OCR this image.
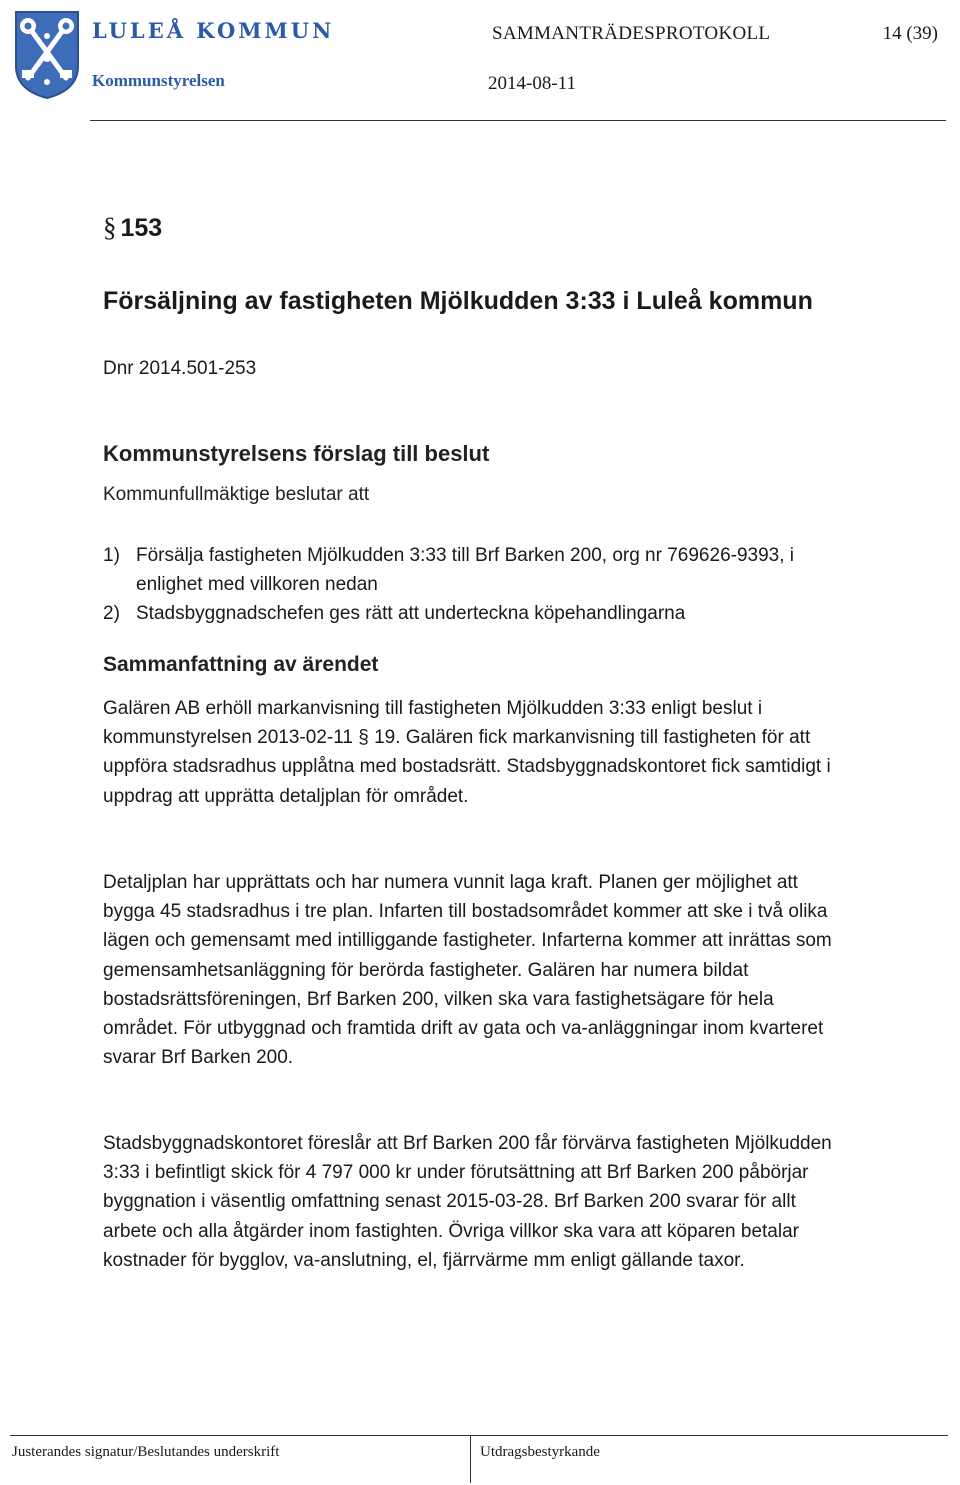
LULEÅ KOMMUN
Kommunstyrelsen
SAMMANTRÄDESPROTOKOLL	14 (39)
2014-08-11
§ 153
Försäljning av fastigheten Mjölkudden 3:33 i Luleå kommun
Dnr 2014.501-253
Kommunstyrelsens förslag till beslut
Kommunfullmäktige beslutar att
1) Försälja fastigheten Mjölkudden 3:33 till Brf Barken 200, org nr 769626-9393, i enlighet med villkoren nedan
2) Stadsbyggnadschefen ges rätt att underteckna köpehandlingarna
Sammanfattning av ärendet

Galären AB erhöll markanvisning till fastigheten Mjölkudden 3:33 enligt beslut i kommunstyrelsen 2013-02-11 § 19. Galären fick markanvisning till fastigheten för att uppföra stadsradhus upplåtna med bostadsrätt. Stadsbyggnadskontoret fick samtidigt i uppdrag att upprätta detaljplan för området.

Detaljplan har upprättats och har numera vunnit laga kraft. Planen ger möjlighet att bygga 45 stadsradhus i tre plan. Infarten till bostadsområdet kommer att ske i två olika lägen och gemensamt med intilliggande fastigheter. Infarterna kommer att inrättas som gemensamhetsanläggning för berörda fastigheter. Galären har numera bildat bostadsrättsföreningen, Brf Barken 200, vilken ska vara fastighetsägare för hela området. För utbyggnad och framtida drift av gata och va-anläggningar inom kvarteret svarar Brf Barken 200.

Stadsbyggnadskontoret föreslår att Brf Barken 200 får förvärva fastigheten Mjölkudden 3:33 i befintligt skick för 4 797 000 kr under förutsättning att Brf Barken 200 påbörjar byggnation i väsentlig omfattning senast 2015-03-28. Brf Barken 200 svarar för allt arbete och alla åtgärder inom fastighten. Övriga villkor ska vara att köparen betalar kostnader för bygglov, va-anslutning, el, fjärrvärme mm enligt gällande taxor.

Justerandes signatur/Beslutandes underskrift	Utdragsbestyrkande
